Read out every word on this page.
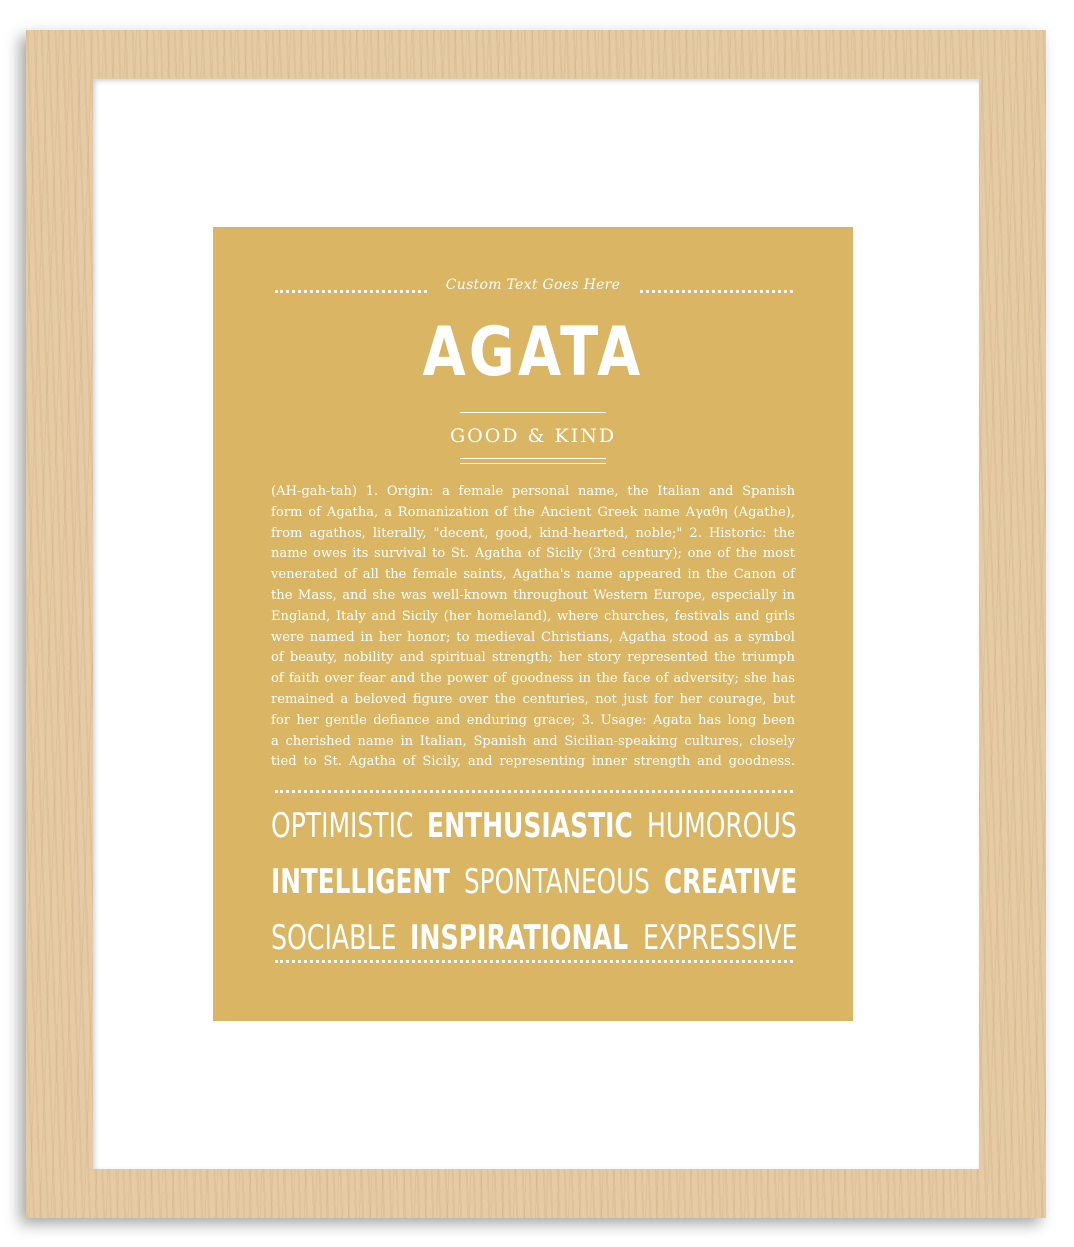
Custom Text Goes Here
AGATA
GOOD & KIND

(AH-gah-tah) 1. Origin: a female personal name, the Italian and Spanish

form of Agatha, a Romanization of the Ancient Greek name Αγαθη (Agathe),

from agathos, literally, "decent, good, kind-hearted, noble;" 2. Historic: the

name owes its survival to St. Agatha of Sicily (3rd century); one of the most

venerated of all the female saints, Agatha's name appeared in the Canon of

the Mass, and she was well-known throughout Western Europe, especially in

England, Italy and Sicily (her homeland), where churches, festivals and girls

were named in her honor; to medieval Christians, Agatha stood as a symbol

of beauty, nobility and spiritual strength; her story represented the triumph

of faith over fear and the power of goodness in the face of adversity; she has

remained a beloved figure over the centuries, not just for her courage, but

for her gentle defiance and enduring grace; 3. Usage: Agata has long been

a cherished name in Italian, Spanish and Sicilian-speaking cultures, closely

tied to St. Agatha of Sicily, and representing inner strength and goodness.

OPTIMISTIC ENTHUSIASTIC HUMOROUS
INTELLIGENT SPONTANEOUS CREATIVE
SOCIABLE INSPIRATIONAL EXPRESSIVE
